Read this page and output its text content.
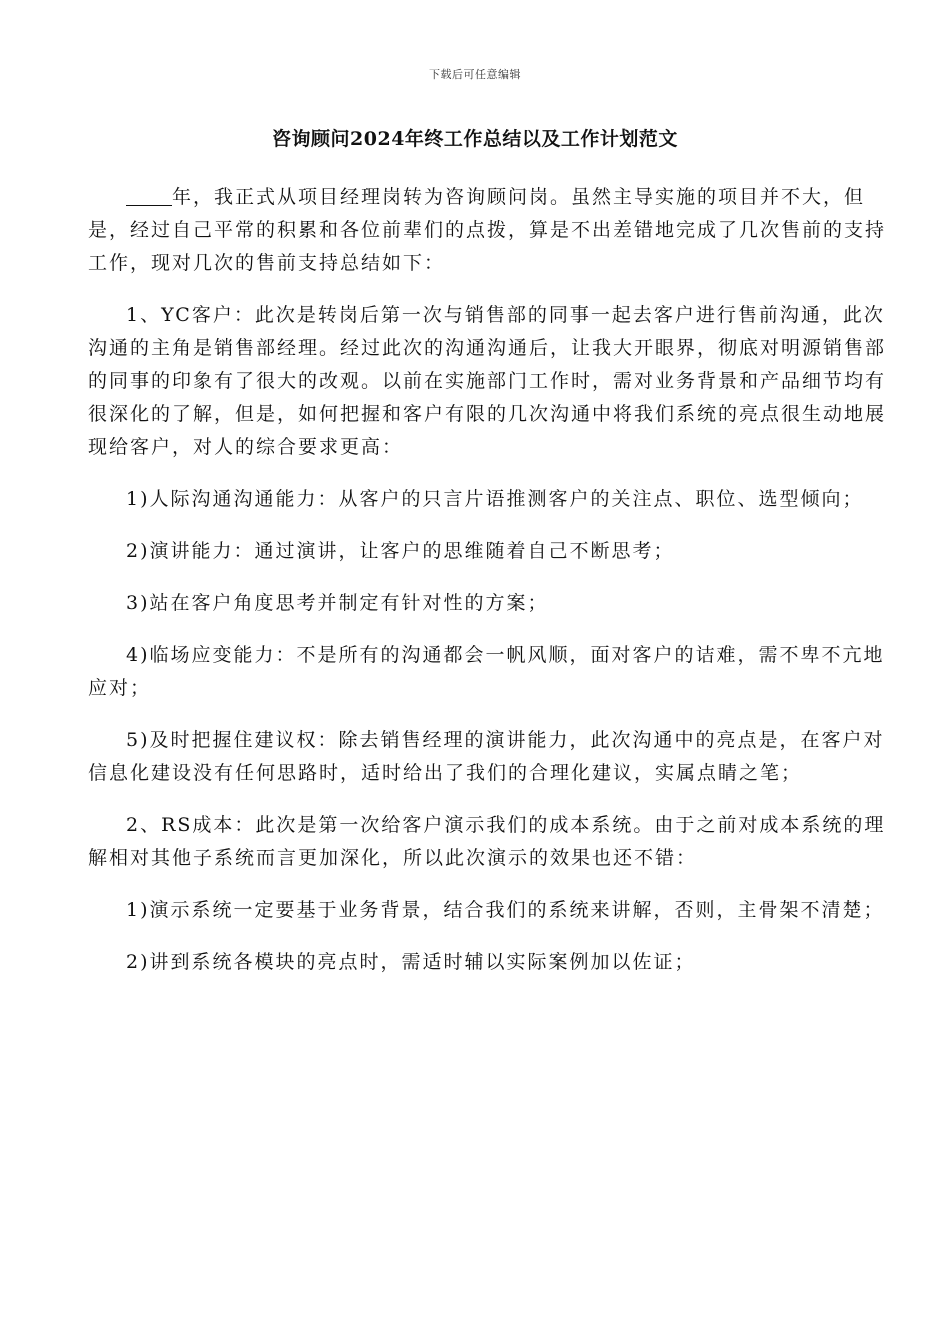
下载后可任意编辑
咨询顾问2024年终工作总结以及工作计划范文

年，我正式从项目经理岗转为咨询顾问岗。虽然主导实施的项目并不大，但是，经过自己平常的积累和各位前辈们的点拨，算是不出差错地完成了几次售前的支持工作，现对几次的售前支持总结如下：

1、YC客户：此次是转岗后第一次与销售部的同事一起去客户进行售前沟通，此次沟通的主角是销售部经理。经过此次的沟通沟通后，让我大开眼界，彻底对明源销售部的同事的印象有了很大的改观。以前在实施部门工作时，需对业务背景和产品细节均有很深化的了解，但是，如何把握和客户有限的几次沟通中将我们系统的亮点很生动地展现给客户，对人的综合要求更高：

1)人际沟通沟通能力：从客户的只言片语推测客户的关注点、职位、选型倾向；

2)演讲能力：通过演讲，让客户的思维随着自己不断思考；

3)站在客户角度思考并制定有针对性的方案；

4)临场应变能力：不是所有的沟通都会一帆风顺，面对客户的诘难，需不卑不亢地应对；

5)及时把握住建议权：除去销售经理的演讲能力，此次沟通中的亮点是，在客户对信息化建设没有任何思路时，适时给出了我们的合理化建议，实属点睛之笔；

2、RS成本：此次是第一次给客户演示我们的成本系统。由于之前对成本系统的理解相对其他子系统而言更加深化，所以此次演示的效果也还不错：

1)演示系统一定要基于业务背景，结合我们的系统来讲解，否则，主骨架不清楚；

2)讲到系统各模块的亮点时，需适时辅以实际案例加以佐证；
